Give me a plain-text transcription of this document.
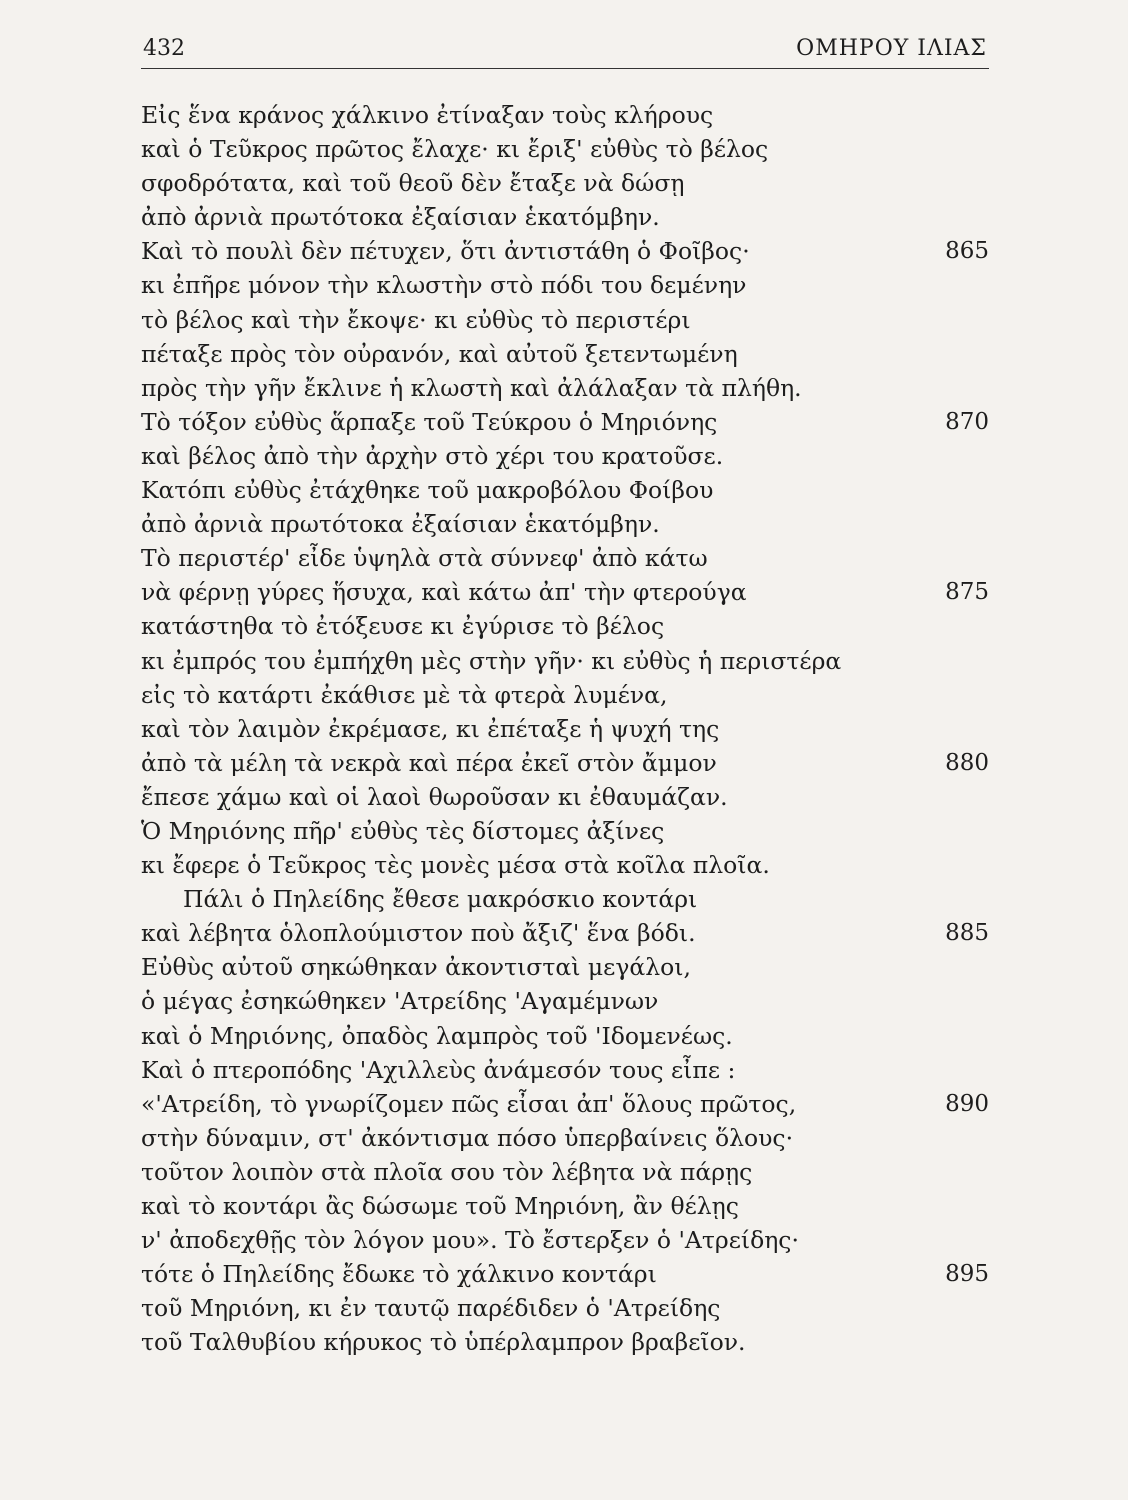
432	ΟΜΗΡΟΥ ΙΛΙΑΣ
Εἰς ἕνα κράνος χάλκινο ἐτίναξαν τοὺς κλήρους
καὶ ὁ Τεῦκρος πρῶτος ἔλαχε· κι ἔριξ' εὐθὺς τὸ βέλος
σφοδρότατα, καὶ τοῦ θεοῦ δὲν ἔταξε νὰ δώσῃ
ἀπὸ ἀρνιὰ πρωτότοκα ἐξαίσιαν ἑκατόμβην.
Καὶ τὸ πουλὶ δὲν πέτυχεν, ὅτι ἀντιστάθη ὁ Φοῖβος·	865
κι ἐπῆρε μόνον τὴν κλωστὴν στὸ πόδι του δεμένην
τὸ βέλος καὶ τὴν ἔκοψε· κι εὐθὺς τὸ περιστέρι
πέταξε πρὸς τὸν οὐρανόν, καὶ αὐτοῦ ξετεντωμένη
πρὸς τὴν γῆν ἔκλινε ἡ κλωστὴ καὶ ἀλάλαξαν τὰ πλήθη.
Τὸ τόξον εὐθὺς ἅρπαξε τοῦ Τεύκρου ὁ Μηριόνης	870
καὶ βέλος ἀπὸ τὴν ἀρχὴν στὸ χέρι του κρατοῦσε.
Κατόπι εὐθὺς ἐτάχθηκε τοῦ μακροβόλου Φοίβου
ἀπὸ ἀρνιὰ πρωτότοκα ἐξαίσιαν ἑκατόμβην.
Τὸ περιστέρ' εἶδε ὑψηλὰ στὰ σύννεφ' ἀπὸ κάτω
νὰ φέρνῃ γύρες ἥσυχα, καὶ κάτω ἀπ' τὴν φτερούγα	875
κατάστηθα τὸ ἐτόξευσε κι ἐγύρισε τὸ βέλος
κι ἐμπρός του ἐμπήχθη μὲς στὴν γῆν· κι εὐθὺς ἡ περιστέρα
εἰς τὸ κατάρτι ἐκάθισε μὲ τὰ φτερὰ λυμένα,
καὶ τὸν λαιμὸν ἐκρέμασε, κι ἐπέταξε ἡ ψυχή της
ἀπὸ τὰ μέλη τὰ νεκρὰ καὶ πέρα ἐκεῖ στὸν ἄμμον	880
ἔπεσε χάμω καὶ οἱ λαοὶ θωροῦσαν κι ἐθαυμάζαν.
Ὁ Μηριόνης πῆρ' εὐθὺς τὲς δίστομες ἀξίνες
κι ἔφερε ὁ Τεῦκρος τὲς μονὲς μέσα στὰ κοῖλα πλοῖα.
Πάλι ὁ Πηλείδης ἔθεσε μακρόσκιο κοντάρι
καὶ λέβητα ὁλοπλούμιστον ποὺ ἄξιζ' ἕνα βόδι.	885
Εὐθὺς αὐτοῦ σηκώθηκαν ἀκοντισταὶ μεγάλοι,
ὁ μέγας ἐσηκώθηκεν 'Ατρείδης 'Αγαμέμνων
καὶ ὁ Μηριόνης, ὀπαδὸς λαμπρὸς τοῦ 'Ιδομενέως.
Καὶ ὁ πτεροπόδης 'Αχιλλεὺς ἀνάμεσόν τους εἶπε :
«'Ατρείδη, τὸ γνωρίζομεν πῶς εἶσαι ἀπ' ὅλους πρῶτος,	890
στὴν δύναμιν, στ' ἀκόντισμα πόσο ὑπερβαίνεις ὅλους·
τοῦτον λοιπὸν στὰ πλοῖα σου τὸν λέβητα νὰ πάρῃς
καὶ τὸ κοντάρι ἂς δώσωμε τοῦ Μηριόνη, ἂν θέλῃς
ν' ἀποδεχθῇς τὸν λόγον μου». Τὸ ἔστερξεν ὁ 'Ατρείδης·
τότε ὁ Πηλείδης ἔδωκε τὸ χάλκινο κοντάρι	895
τοῦ Μηριόνη, κι ἐν ταυτῷ παρέδιδεν ὁ 'Ατρείδης
τοῦ Ταλθυβίου κήρυκος τὸ ὑπέρλαμπρον βραβεῖον.
